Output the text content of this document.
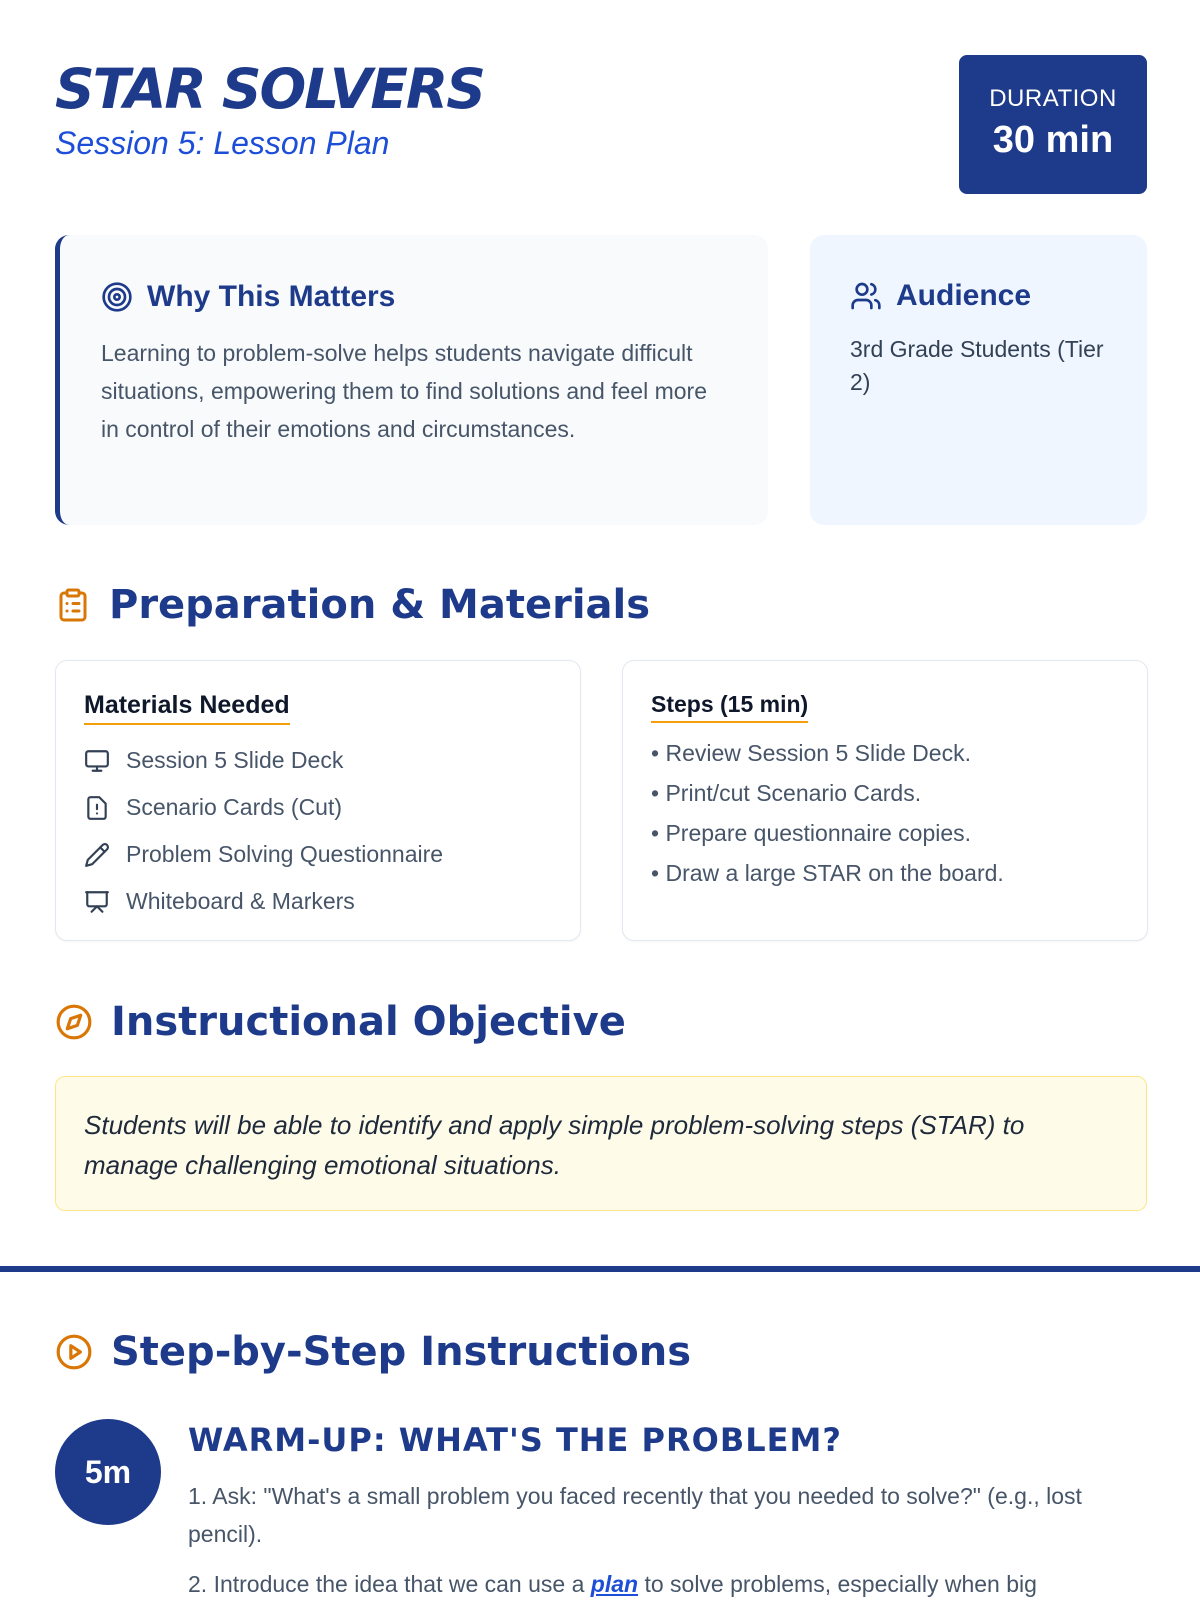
STAR SOLVERS
Session 5: Lesson Plan
DURATION
30 min
Why This Matters
Learning to problem-solve helps students navigate difficult situations, empowering them to find solutions and feel more in control of their emotions and circumstances.
Audience
3rd Grade Students (Tier 2)
Preparation & Materials
Materials Needed
Session 5 Slide Deck
Scenario Cards (Cut)
Problem Solving Questionnaire
Whiteboard & Markers
Steps (15 min)
• Review Session 5 Slide Deck.
• Print/cut Scenario Cards.
• Prepare questionnaire copies.
• Draw a large STAR on the board.
Instructional Objective
Students will be able to identify and apply simple problem-solving steps (STAR) to manage challenging emotional situations.
Step-by-Step Instructions
5m
WARM-UP: WHAT'S THE PROBLEM?

1. Ask: "What's a small problem you faced recently that you needed to solve?" (e.g., lost pencil).

2. Introduce the idea that we can use a plan to solve problems, especially when big
